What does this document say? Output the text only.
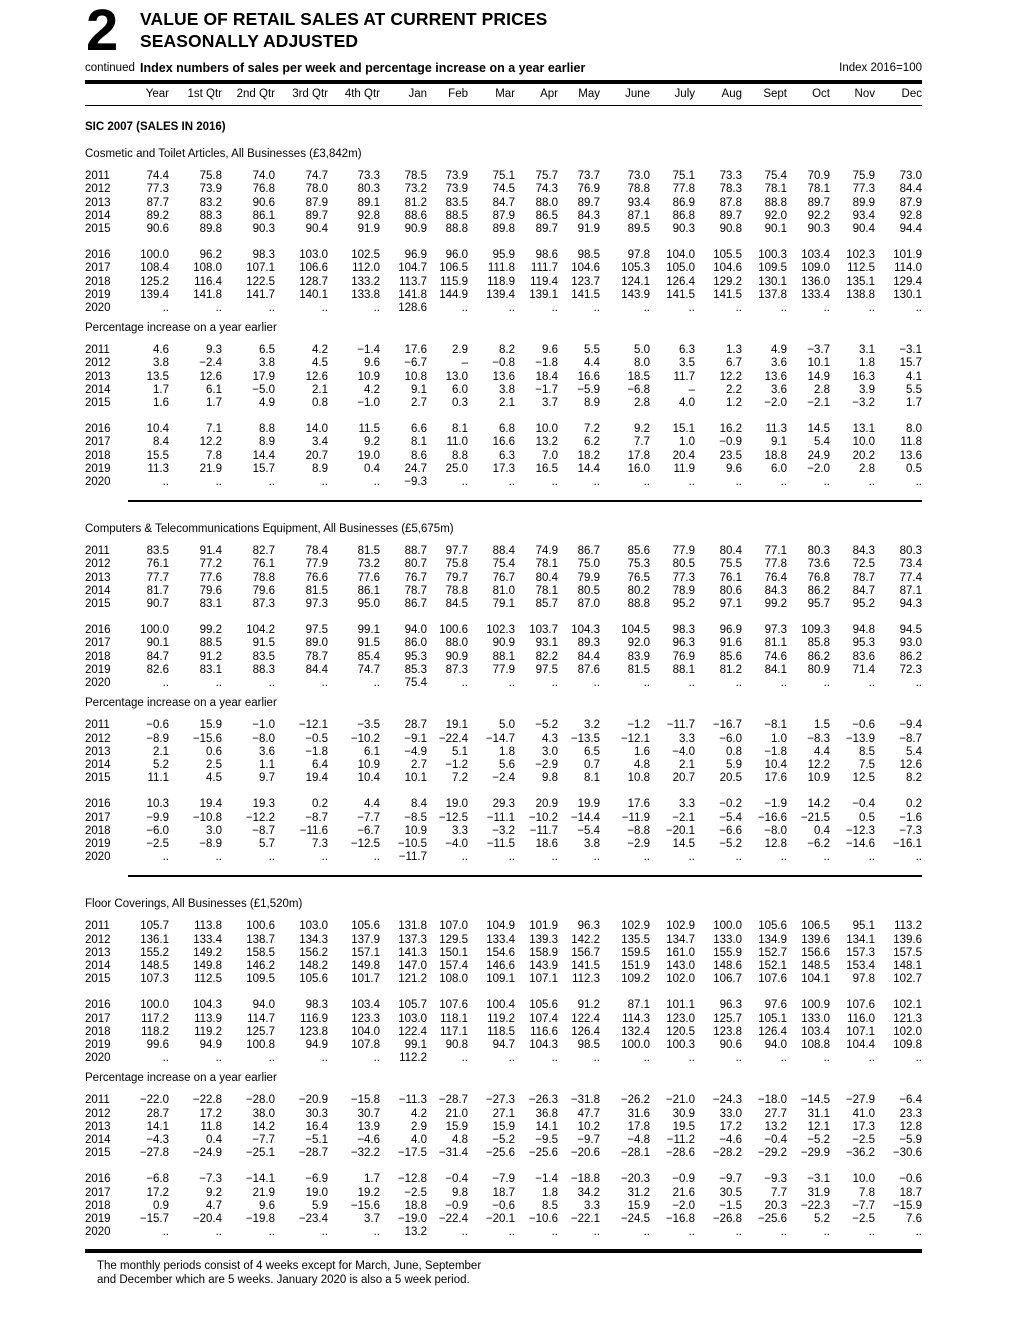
2
continued
VALUE OF RETAIL SALES AT CURRENT PRICES
SEASONALLY ADJUSTED
Index numbers of sales per week and percentage increase on a year earlier	Index 2016=100
	Year	1st Qtr	2nd Qtr	3rd Qtr	4th Qtr	Jan	Feb	Mar	Apr	May	June	July	Aug	Sept	Oct	Nov	Dec
SIC 2007 (SALES IN 2016)
Cosmetic and Toilet Articles, All Businesses (£3,842m)
2011	74.4	75.8	74.0	74.7	73.3	78.5	73.9	75.1	75.7	73.7	73.0	75.1	73.3	75.4	70.9	75.9	73.0
2012	77.3	73.9	76.8	78.0	80.3	73.2	73.9	74.5	74.3	76.9	78.8	77.8	78.3	78.1	78.1	77.3	84.4
2013	87.7	83.2	90.6	87.9	89.1	81.2	83.5	84.7	88.0	89.7	93.4	86.9	87.8	88.8	89.7	89.9	87.9
2014	89.2	88.3	86.1	89.7	92.8	88.6	88.5	87.9	86.5	84.3	87.1	86.8	89.7	92.0	92.2	93.4	92.8
2015	90.6	89.8	90.3	90.4	91.9	90.9	88.8	89.8	89.7	91.9	89.5	90.3	90.8	90.1	90.3	90.4	94.4
2016	100.0	96.2	98.3	103.0	102.5	96.9	96.0	95.9	98.6	98.5	97.8	104.0	105.5	100.3	103.4	102.3	101.9
2017	108.4	108.0	107.1	106.6	112.0	104.7	106.5	111.8	111.7	104.6	105.3	105.0	104.6	109.5	109.0	112.5	114.0
2018	125.2	116.4	122.5	128.7	133.2	113.7	115.9	118.9	119.4	123.7	124.1	126.4	129.2	130.1	136.0	135.1	129.4
2019	139.4	141.8	141.7	140.1	133.8	141.8	144.9	139.4	139.1	141.5	143.9	141.5	141.5	137.8	133.4	138.8	130.1
2020	..	..	..	..	..	128.6	..	..	..	..	..	..	..	..	..	..	..
Percentage increase on a year earlier
2011	4.6	9.3	6.5	4.2	−1.4	17.6	2.9	8.2	9.6	5.5	5.0	6.3	1.3	4.9	−3.7	3.1	−3.1
2012	3.8	−2.4	3.8	4.5	9.6	−6.7	–	−0.8	−1.8	4.4	8.0	3.5	6.7	3.6	10.1	1.8	15.7
2013	13.5	12.6	17.9	12.6	10.9	10.8	13.0	13.6	18.4	16.6	18.5	11.7	12.2	13.6	14.9	16.3	4.1
2014	1.7	6.1	−5.0	2.1	4.2	9.1	6.0	3.8	−1.7	−5.9	−6.8	–	2.2	3.6	2.8	3.9	5.5
2015	1.6	1.7	4.9	0.8	−1.0	2.7	0.3	2.1	3.7	8.9	2.8	4.0	1.2	−2.0	−2.1	−3.2	1.7
2016	10.4	7.1	8.8	14.0	11.5	6.6	8.1	6.8	10.0	7.2	9.2	15.1	16.2	11.3	14.5	13.1	8.0
2017	8.4	12.2	8.9	3.4	9.2	8.1	11.0	16.6	13.2	6.2	7.7	1.0	−0.9	9.1	5.4	10.0	11.8
2018	15.5	7.8	14.4	20.7	19.0	8.6	8.8	6.3	7.0	18.2	17.8	20.4	23.5	18.8	24.9	20.2	13.6
2019	11.3	21.9	15.7	8.9	0.4	24.7	25.0	17.3	16.5	14.4	16.0	11.9	9.6	6.0	−2.0	2.8	0.5
2020	..	..	..	..	..	−9.3	..	..	..	..	..	..	..	..	..	..	..
Computers & Telecommunications Equipment, All Businesses (£5,675m)
2011	83.5	91.4	82.7	78.4	81.5	88.7	97.7	88.4	74.9	86.7	85.6	77.9	80.4	77.1	80.3	84.3	80.3
2012	76.1	77.2	76.1	77.9	73.2	80.7	75.8	75.4	78.1	75.0	75.3	80.5	75.5	77.8	73.6	72.5	73.4
2013	77.7	77.6	78.8	76.6	77.6	76.7	79.7	76.7	80.4	79.9	76.5	77.3	76.1	76.4	76.8	78.7	77.4
2014	81.7	79.6	79.6	81.5	86.1	78.7	78.8	81.0	78.1	80.5	80.2	78.9	80.6	84.3	86.2	84.7	87.1
2015	90.7	83.1	87.3	97.3	95.0	86.7	84.5	79.1	85.7	87.0	88.8	95.2	97.1	99.2	95.7	95.2	94.3
2016	100.0	99.2	104.2	97.5	99.1	94.0	100.6	102.3	103.7	104.3	104.5	98.3	96.9	97.3	109.3	94.8	94.5
2017	90.1	88.5	91.5	89.0	91.5	86.0	88.0	90.9	93.1	89.3	92.0	96.3	91.6	81.1	85.8	95.3	93.0
2018	84.7	91.2	83.5	78.7	85.4	95.3	90.9	88.1	82.2	84.4	83.9	76.9	85.6	74.6	86.2	83.6	86.2
2019	82.6	83.1	88.3	84.4	74.7	85.3	87.3	77.9	97.5	87.6	81.5	88.1	81.2	84.1	80.9	71.4	72.3
2020	..	..	..	..	..	75.4	..	..	..	..	..	..	..	..	..	..	..
Percentage increase on a year earlier
2011	−0.6	15.9	−1.0	−12.1	−3.5	28.7	19.1	5.0	−5.2	3.2	−1.2	−11.7	−16.7	−8.1	1.5	−0.6	−9.4
2012	−8.9	−15.6	−8.0	−0.5	−10.2	−9.1	−22.4	−14.7	4.3	−13.5	−12.1	3.3	−6.0	1.0	−8.3	−13.9	−8.7
2013	2.1	0.6	3.6	−1.8	6.1	−4.9	5.1	1.8	3.0	6.5	1.6	−4.0	0.8	−1.8	4.4	8.5	5.4
2014	5.2	2.5	1.1	6.4	10.9	2.7	−1.2	5.6	−2.9	0.7	4.8	2.1	5.9	10.4	12.2	7.5	12.6
2015	11.1	4.5	9.7	19.4	10.4	10.1	7.2	−2.4	9.8	8.1	10.8	20.7	20.5	17.6	10.9	12.5	8.2
2016	10.3	19.4	19.3	0.2	4.4	8.4	19.0	29.3	20.9	19.9	17.6	3.3	−0.2	−1.9	14.2	−0.4	0.2
2017	−9.9	−10.8	−12.2	−8.7	−7.7	−8.5	−12.5	−11.1	−10.2	−14.4	−11.9	−2.1	−5.4	−16.6	−21.5	0.5	−1.6
2018	−6.0	3.0	−8.7	−11.6	−6.7	10.9	3.3	−3.2	−11.7	−5.4	−8.8	−20.1	−6.6	−8.0	0.4	−12.3	−7.3
2019	−2.5	−8.9	5.7	7.3	−12.5	−10.5	−4.0	−11.5	18.6	3.8	−2.9	14.5	−5.2	12.8	−6.2	−14.6	−16.1
2020	..	..	..	..	..	−11.7	..	..	..	..	..	..	..	..	..	..	..
Floor Coverings, All Businesses (£1,520m)
2011	105.7	113.8	100.6	103.0	105.6	131.8	107.0	104.9	101.9	96.3	102.9	102.9	100.0	105.6	106.5	95.1	113.2
2012	136.1	133.4	138.7	134.3	137.9	137.3	129.5	133.4	139.3	142.2	135.5	134.7	133.0	134.9	139.6	134.1	139.6
2013	155.2	149.2	158.5	156.2	157.1	141.3	150.1	154.6	158.9	156.7	159.5	161.0	155.9	152.7	156.6	157.3	157.5
2014	148.5	149.8	146.2	148.2	149.8	147.0	157.4	146.6	143.9	141.5	151.9	143.0	148.6	152.1	148.5	153.4	148.1
2015	107.3	112.5	109.5	105.6	101.7	121.2	108.0	109.1	107.1	112.3	109.2	102.0	106.7	107.6	104.1	97.8	102.7
2016	100.0	104.3	94.0	98.3	103.4	105.7	107.6	100.4	105.6	91.2	87.1	101.1	96.3	97.6	100.9	107.6	102.1
2017	117.2	113.9	114.7	116.9	123.3	103.0	118.1	119.2	107.4	122.4	114.3	123.0	125.7	105.1	133.0	116.0	121.3
2018	118.2	119.2	125.7	123.8	104.0	122.4	117.1	118.5	116.6	126.4	132.4	120.5	123.8	126.4	103.4	107.1	102.0
2019	99.6	94.9	100.8	94.9	107.8	99.1	90.8	94.7	104.3	98.5	100.0	100.3	90.6	94.0	108.8	104.4	109.8
2020	..	..	..	..	..	112.2	..	..	..	..	..	..	..	..	..	..	..
Percentage increase on a year earlier
2011	−22.0	−22.8	−28.0	−20.9	−15.8	−11.3	−28.7	−27.3	−26.3	−31.8	−26.2	−21.0	−24.3	−18.0	−14.5	−27.9	−6.4
2012	28.7	17.2	38.0	30.3	30.7	4.2	21.0	27.1	36.8	47.7	31.6	30.9	33.0	27.7	31.1	41.0	23.3
2013	14.1	11.8	14.2	16.4	13.9	2.9	15.9	15.9	14.1	10.2	17.8	19.5	17.2	13.2	12.1	17.3	12.8
2014	−4.3	0.4	−7.7	−5.1	−4.6	4.0	4.8	−5.2	−9.5	−9.7	−4.8	−11.2	−4.6	−0.4	−5.2	−2.5	−5.9
2015	−27.8	−24.9	−25.1	−28.7	−32.2	−17.5	−31.4	−25.6	−25.6	−20.6	−28.1	−28.6	−28.2	−29.2	−29.9	−36.2	−30.6
2016	−6.8	−7.3	−14.1	−6.9	1.7	−12.8	−0.4	−7.9	−1.4	−18.8	−20.3	−0.9	−9.7	−9.3	−3.1	10.0	−0.6
2017	17.2	9.2	21.9	19.0	19.2	−2.5	9.8	18.7	1.8	34.2	31.2	21.6	30.5	7.7	31.9	7.8	18.7
2018	0.9	4.7	9.6	5.9	−15.6	18.8	−0.9	−0.6	8.5	3.3	15.9	−2.0	−1.5	20.3	−22.3	−7.7	−15.9
2019	−15.7	−20.4	−19.8	−23.4	3.7	−19.0	−22.4	−20.1	−10.6	−22.1	−24.5	−16.8	−26.8	−25.6	5.2	−2.5	7.6
2020	..	..	..	..	..	13.2	..	..	..	..	..	..	..	..	..	..	..
The monthly periods consist of 4 weeks except for March, June, September
and December which are 5 weeks. January 2020 is also a 5 week period.
